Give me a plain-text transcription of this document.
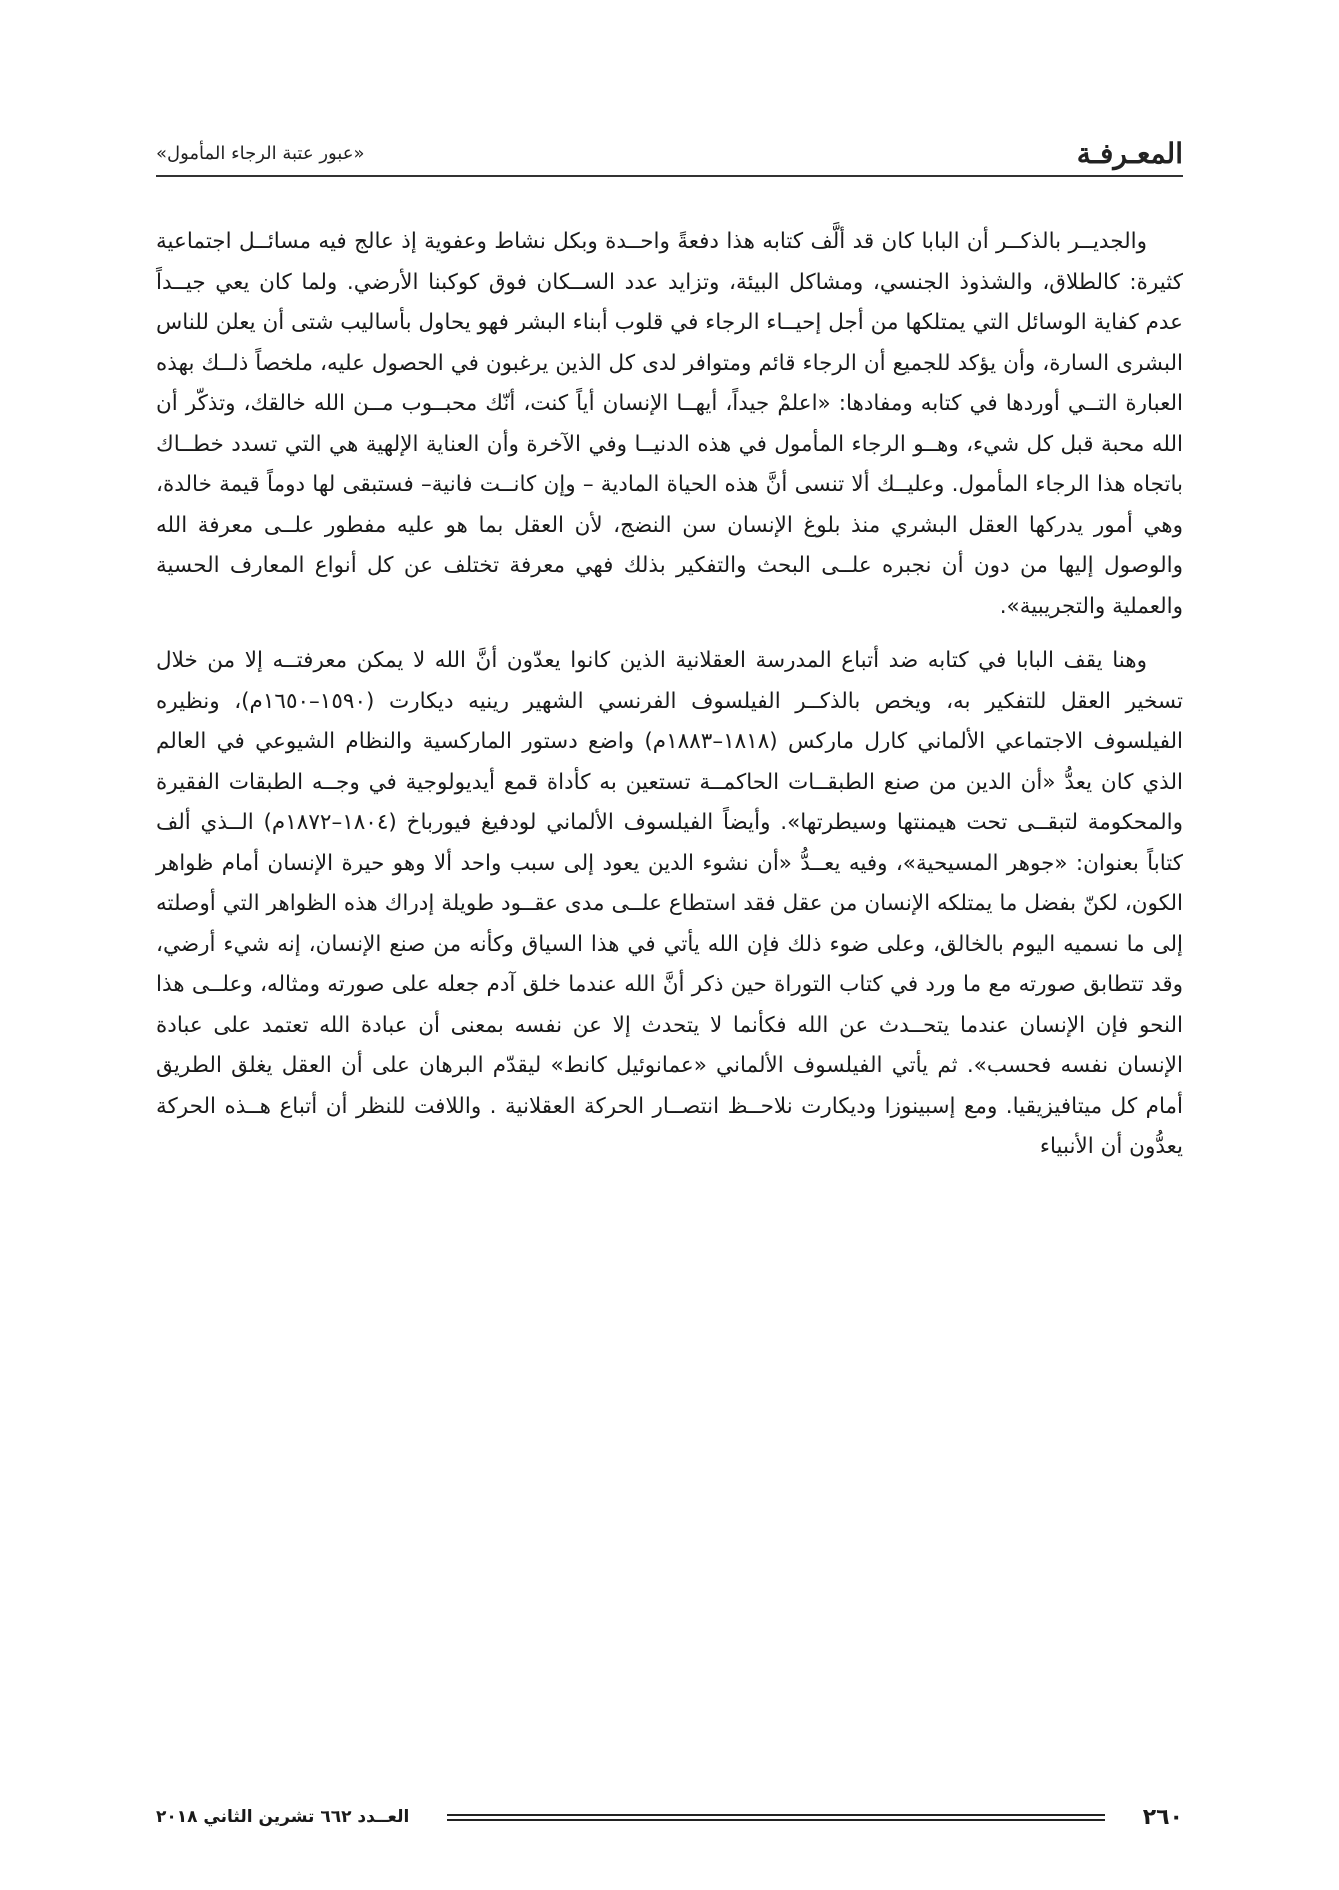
المعـرفـة
«عبور عتبة الرجاء المأمول»

والجديــر بالذكــر أن البابا كان قد ألَّف كتابه هذا دفعةً واحــدة وبكل نشاط وعفوية إذ عالج فيه مسائــل اجتماعية كثيرة: كالطلاق، والشذوذ الجنسي، ومشاكل البيئة، وتزايد عدد الســكان فوق كوكبنا الأرضي. ولما كان يعي جيــداً عدم كفاية الوسائل التي يمتلكها من أجل إحيــاء الرجاء في قلوب أبناء البشر فهو يحاول بأساليب شتى أن يعلن للناس البشرى السارة، وأن يؤكد للجميع أن الرجاء قائم ومتوافر لدى كل الذين يرغبون في الحصول عليه، ملخصاً ذلــك بهذه العبارة التــي أوردها في كتابه ومفادها: «اعلمْ جيداً، أيهــا الإنسان أياً كنت، أنّك محبــوب مــن الله خالقك، وتذكّر أن الله محبة قبل كل شيء، وهــو الرجاء المأمول في هذه الدنيــا وفي الآخرة وأن العناية الإلهية هي التي تسدد خطــاك باتجاه هذا الرجاء المأمول. وعليــك ألا تنسى أنَّ هذه الحياة المادية – وإن كانــت فانية– فستبقى لها دوماً قيمة خالدة، وهي أمور يدركها العقل البشري منذ بلوغ الإنسان سن النضج، لأن العقل بما هو عليه مفطور علــى معرفة الله والوصول إليها من دون أن نجبره علــى البحث والتفكير بذلك فهي معرفة تختلف عن كل أنواع المعارف الحسية والعملية والتجريبية».

وهنا يقف البابا في كتابه ضد أتباع المدرسة العقلانية الذين كانوا يعدّون أنَّ الله لا يمكن معرفتــه إلا من خلال تسخير العقل للتفكير به، ويخص بالذكــر الفيلسوف الفرنسي الشهير رينيه ديكارت (١٥٩٠–١٦٥٠م)، ونظيره الفيلسوف الاجتماعي الألماني كارل ماركس (١٨١٨–١٨٨٣م) واضع دستور الماركسية والنظام الشيوعي في العالم الذي كان يعدُّ «أن الدين من صنع الطبقــات الحاكمــة تستعين به كأداة قمع أيديولوجية في وجــه الطبقات الفقيرة والمحكومة لتبقــى تحت هيمنتها وسيطرتها». وأيضاً الفيلسوف الألماني لودفيغ فيورباخ (١٨٠٤–١٨٧٢م) الــذي ألف كتاباً بعنوان: «جوهر المسيحية»، وفيه يعــدُّ «أن نشوء الدين يعود إلى سبب واحد ألا وهو حيرة الإنسان أمام ظواهر الكون، لكنّ بفضل ما يمتلكه الإنسان من عقل فقد استطاع علــى مدى عقــود طويلة إدراك هذه الظواهر التي أوصلته إلى ما نسميه اليوم بالخالق، وعلى ضوء ذلك فإن الله يأتي في هذا السياق وكأنه من صنع الإنسان، إنه شيء أرضي، وقد تتطابق صورته مع ما ورد في كتاب التوراة حين ذكر أنَّ الله عندما خلق آدم جعله على صورته ومثاله، وعلــى هذا النحو فإن الإنسان عندما يتحــدث عن الله فكأنما لا يتحدث إلا عن نفسه بمعنى أن عبادة الله تعتمد على عبادة الإنسان نفسه فحسب». ثم يأتي الفيلسوف الألماني «عمانوئيل كانط» ليقدّم البرهان على أن العقل يغلق الطريق أمام كل ميتافيزيقيا. ومع إسبينوزا وديكارت نلاحــظ انتصــار الحركة العقلانية . واللافت للنظر أن أتباع هــذه الحركة يعدُّون أن الأنبياء

٢٦٠
العــدد ٦٦٢ تشرين الثاني ٢٠١٨
